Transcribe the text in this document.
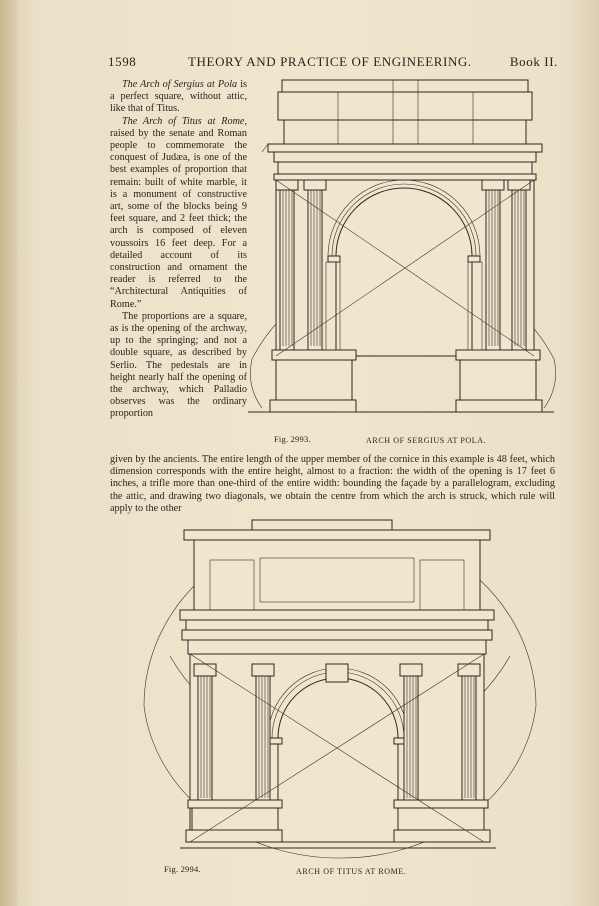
1598	THEORY AND PRACTICE OF ENGINEERING.	Book II.

The Arch of Sergius at Pola is a perfect square, without attic, like that of Titus.

The Arch of Titus at Rome, raised by the senate and Roman people to commemorate the conquest of Judæa, is one of the best examples of proportion that remain: built of white marble, it is a monument of constructive art, some of the blocks being 9 feet square, and 2 feet thick; the arch is composed of eleven voussoirs 16 feet deep. For a detailed account of its construction and ornament the reader is referred to the “Architectural Antiquities of Rome.”

The proportions are a square, as is the opening of the archway, up to the springing; and not a double square, as described by Serlio. The pedestals are in height nearly half the opening of the archway, which Palladio observes was the ordinary proportion

Fig. 2993.	ARCH OF SERGIUS AT POLA.

given by the ancients. The entire length of the upper member of the cornice in this example is 48 feet, which dimension corresponds with the entire height, almost to a fraction: the width of the opening is 17 feet 6 inches, a trifle more than one-third of the entire width: bounding the façade by a parallelogram, excluding the attic, and drawing two diagonals, we obtain the centre from which the arch is struck, which rule will apply to the other

Fig. 2994.	ARCH OF TITUS AT ROME.
